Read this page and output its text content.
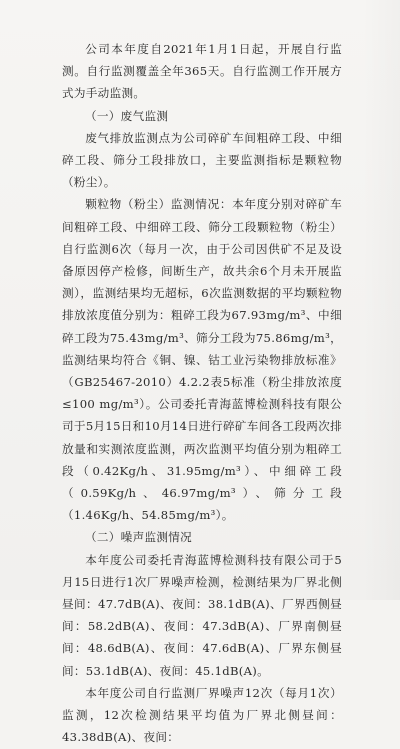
公司本年度自2021年1月1日起，开展自行监测。自行监测覆盖全年365天。自行监测工作开展方式为手动监测。

（一）废气监测

废气排放监测点为公司碎矿车间粗碎工段、中细碎工段、筛分工段排放口，主要监测指标是颗粒物（粉尘）。

颗粒物（粉尘）监测情况：本年度分别对碎矿车间粗碎工段、中细碎工段、筛分工段颗粒物（粉尘）自行监测6次（每月一次，由于公司因供矿不足及设备原因停产检修，间断生产，故共余6个月未开展监测），监测结果均无超标，6次监测数据的平均颗粒物排放浓度值分别为：粗碎工段为67.93mg/m³、中细碎工段为75.43mg/m³、筛分工段为75.86mg/m³，监测结果均符合《铜、镍、钴工业污染物排放标准》（GB25467-2010）4.2.2表5标准（粉尘排放浓度≤100 mg/m³）。公司委托青海蓝博检测科技有限公司于5月15日和10月14日进行碎矿车间各工段两次排放量和实测浓度监测，两次监测平均值分别为粗碎工段（0.42Kg/h、31.95mg/m³）、中细碎工段（0.59Kg/h、46.97mg/m³）、筛分工段（1.46Kg/h、54.85mg/m³）。

（二）噪声监测情况

本年度公司委托青海蓝博检测科技有限公司于5月15日进行1次厂界噪声检测，检测结果为厂界北侧昼间：47.7dB(A)、夜间：38.1dB(A)、厂界西侧昼间：58.2dB(A)、夜间：47.3dB(A)、厂界南侧昼间：48.6dB(A)、夜间：47.6dB(A)、厂界东侧昼间：53.1dB(A)、夜间：45.1dB(A)。

本年度公司自行监测厂界噪声12次（每月1次）监测，12次检测结果平均值为厂界北侧昼间：43.38dB(A)、夜间：
